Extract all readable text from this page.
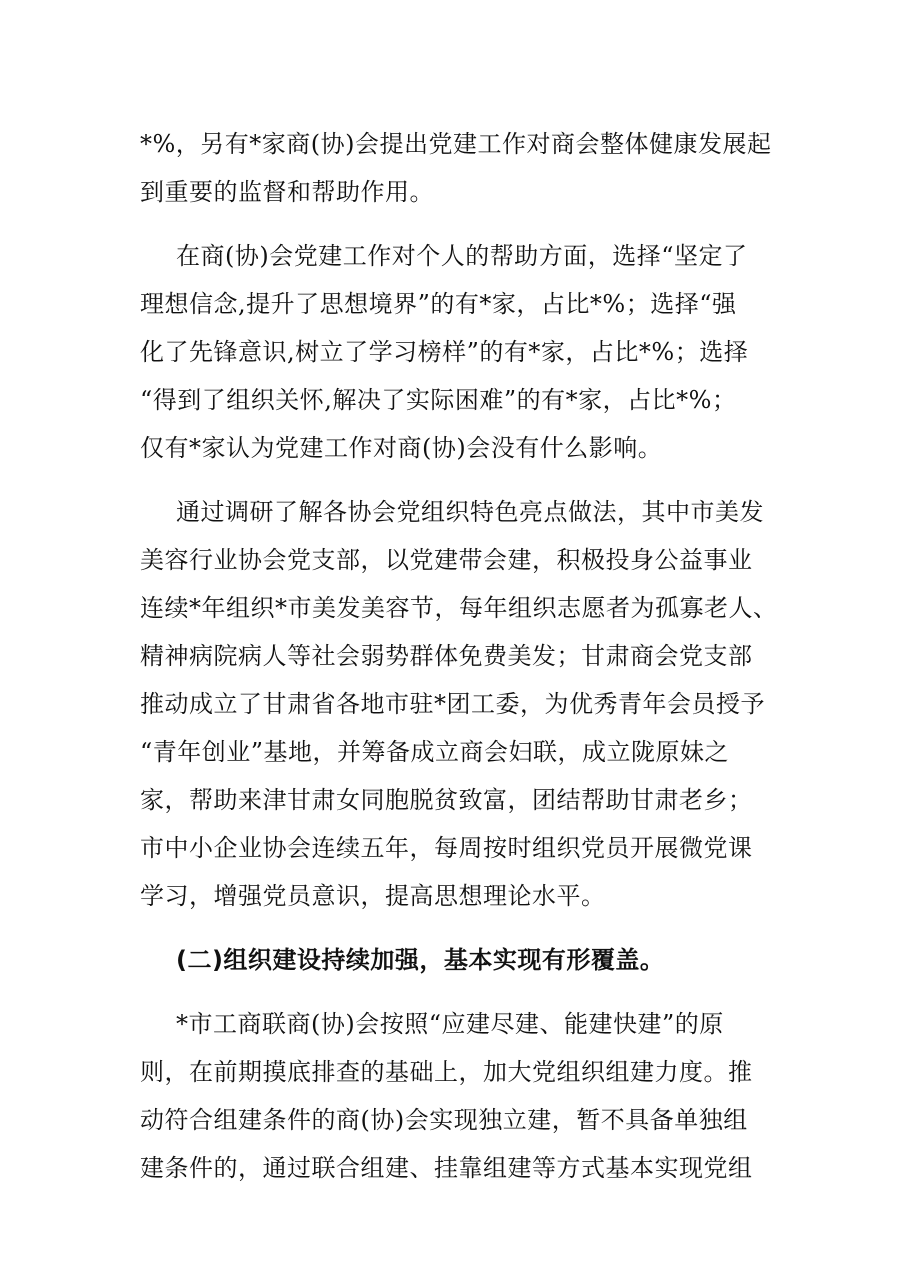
*%，另有*家商(协)会提出党建工作对商会整体健康发展起
到重要的监督和帮助作用。
在商(协)会党建工作对个人的帮助方面，选择“坚定了
理想信念,提升了思想境界”的有*家，占比*%；选择“强
化了先锋意识,树立了学习榜样”的有*家，占比*%；选择
“得到了组织关怀,解决了实际困难”的有*家，占比*%；
仅有*家认为党建工作对商(协)会没有什么影响。
通过调研了解各协会党组织特色亮点做法，其中市美发
美容行业协会党支部，以党建带会建，积极投身公益事业
连续*年组织*市美发美容节，每年组织志愿者为孤寡老人、
精神病院病人等社会弱势群体免费美发；甘肃商会党支部
推动成立了甘肃省各地市驻*团工委，为优秀青年会员授予
“青年创业”基地，并筹备成立商会妇联，成立陇原妹之
家，帮助来津甘肃女同胞脱贫致富，团结帮助甘肃老乡；
市中小企业协会连续五年，每周按时组织党员开展微党课
学习，增强党员意识，提高思想理论水平。
(二)组织建设持续加强，基本实现有形覆盖。
*市工商联商(协)会按照“应建尽建、能建快建”的原
则，在前期摸底排查的基础上，加大党组织组建力度。推
动符合组建条件的商(协)会实现独立建，暂不具备单独组
建条件的，通过联合组建、挂靠组建等方式基本实现党组
